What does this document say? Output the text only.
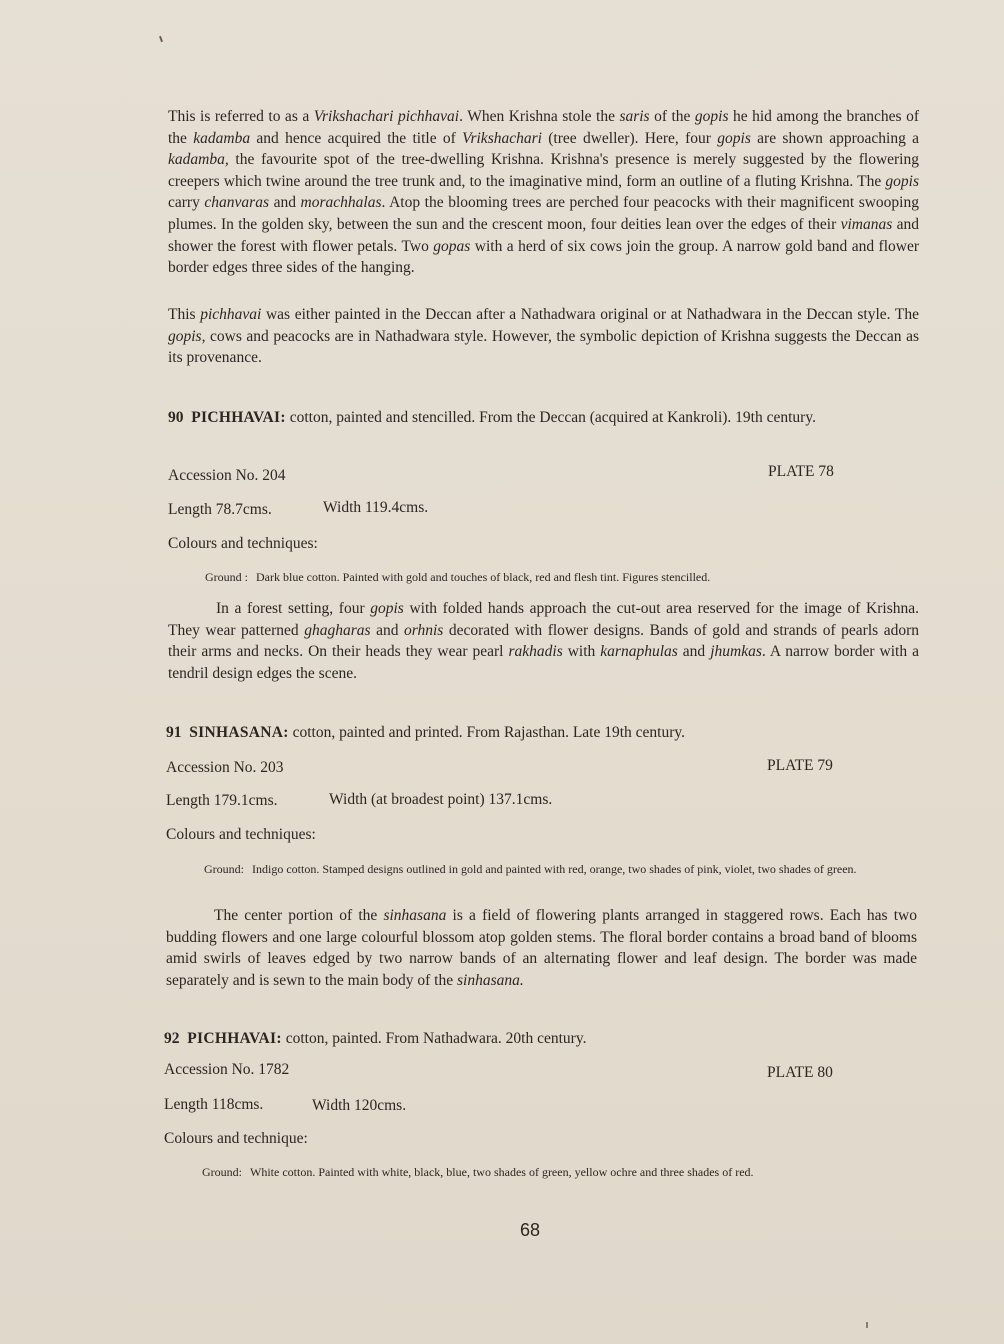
This is referred to as a Vrikshachari pichhavai. When Krishna stole the saris of the gopis he hid among the branches of the kadamba and hence acquired the title of Vrikshachari (tree dweller). Here, four gopis are shown approaching a kadamba, the favourite spot of the tree-dwelling Krishna. Krishna's presence is merely suggested by the flowering creepers which twine around the tree trunk and, to the imaginative mind, form an outline of a fluting Krishna. The gopis carry chanvaras and morachhalas. Atop the blooming trees are perched four peacocks with their magnificent swooping plumes. In the golden sky, between the sun and the crescent moon, four deities lean over the edges of their vimanas and shower the forest with flower petals. Two gopas with a herd of six cows join the group. A narrow gold band and flower border edges three sides of the hanging.
This pichhavai was either painted in the Deccan after a Nathadwara original or at Nathadwara in the Deccan style. The gopis, cows and peacocks are in Nathadwara style. However, the symbolic depiction of Krishna suggests the Deccan as its provenance.
90 PICHHAVAI: cotton, painted and stencilled. From the Deccan (acquired at Kankroli). 19th century.
Accession No. 204	PLATE 78
Length 78.7cms.	Width 119.4cms.
Colours and techniques:
Ground : Dark blue cotton. Painted with gold and touches of black, red and flesh tint. Figures stencilled.
In a forest setting, four gopis with folded hands approach the cut-out area reserved for the image of Krishna. They wear patterned ghagharas and orhnis decorated with flower designs. Bands of gold and strands of pearls adorn their arms and necks. On their heads they wear pearl rakhadis with karnaphulas and jhumkas. A narrow border with a tendril design edges the scene.
91 SINHASANA: cotton, painted and printed. From Rajasthan. Late 19th century.
Accession No. 203	PLATE 79
Length 179.1cms.	Width (at broadest point) 137.1cms.
Colours and techniques:
Ground: Indigo cotton. Stamped designs outlined in gold and painted with red, orange, two shades of pink, violet, two shades of green.
The center portion of the sinhasana is a field of flowering plants arranged in staggered rows. Each has two budding flowers and one large colourful blossom atop golden stems. The floral border contains a broad band of blooms amid swirls of leaves edged by two narrow bands of an alternating flower and leaf design. The border was made separately and is sewn to the main body of the sinhasana.
92 PICHHAVAI: cotton, painted. From Nathadwara. 20th century.
Accession No. 1782	PLATE 80
Length 118cms.	Width 120cms.
Colours and technique:
Ground: White cotton. Painted with white, black, blue, two shades of green, yellow ochre and three shades of red.
68
